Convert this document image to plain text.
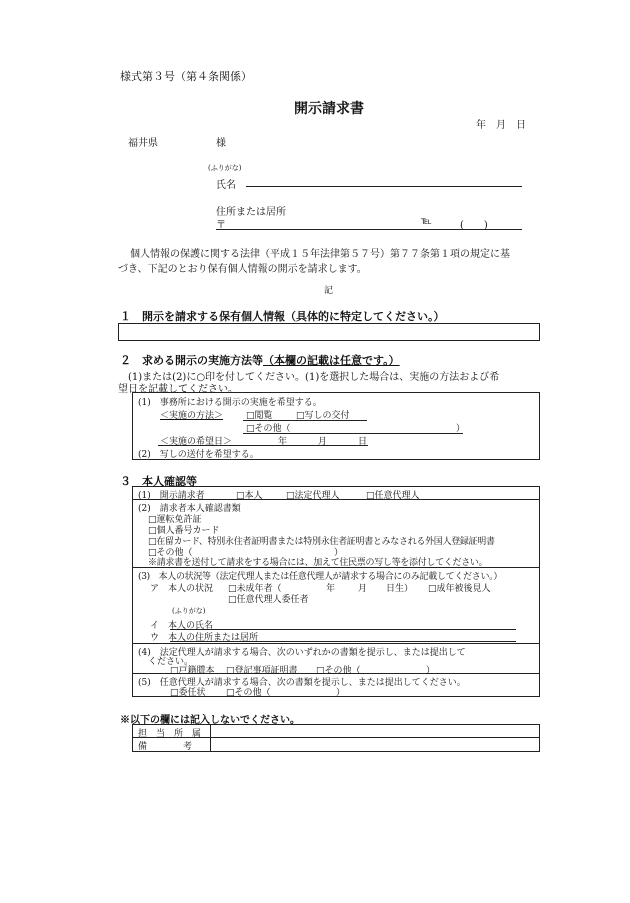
様式第３号（第４条関係）
開示請求書
年　月　日
福井県	様
(ふりがな)
氏名
住所または居所
〒	℡	(　　)
個人情報の保護に関する法律（平成１５年法律第５７号）第７７条第１項の規定に基
づき、下記のとおり保有個人情報の開示を請求します。
記
１　開示を請求する保有個人情報（具体的に特定してください。）
２　求める開示の実施方法等（本欄の記載は任意です。）
(1)または(2)に○印を付してください。(1)を選択した場合は、実施の方法および希
望日を記載してください。
(1)　事務所における開示の実施を希望する。
＜実施の方法＞	□閲覧	□写しの交付
□その他（	）
＜実施の希望日＞	年	月	日
(2)　写しの送付を希望する。
３　本人確認等
(1)　開示請求者	□本人	□法定代理人	□任意代理人
(2)　請求者本人確認書類
□運転免許証
□個人番号カード
□在留カード、特別永住者証明書または特別永住者証明書とみなされる外国人登録証明書
□その他（	）
※請求書を送付して請求をする場合には、加えて住民票の写し等を添付してください。
(3)　本人の状況等（法定代理人または任意代理人が請求する場合にのみ記載してください。）
ア　本人の状況 □未成年者（	年	月 日生） □成年被後見人
□任意代理人委任者
(ふりがな)
イ　本人の氏名
ウ　本人の住所または居所
(4)　法定代理人が請求する場合、次のいずれかの書類を提示し、または提出して
ください。
□戸籍謄本 □登記事項証明書 □その他（	）
(5)　任意代理人が請求する場合、次の書類を提示し、または提出してください。
□委任状 □その他（	）
※以下の欄には記入しないでください。
担　当　所　属
備　　　　考
